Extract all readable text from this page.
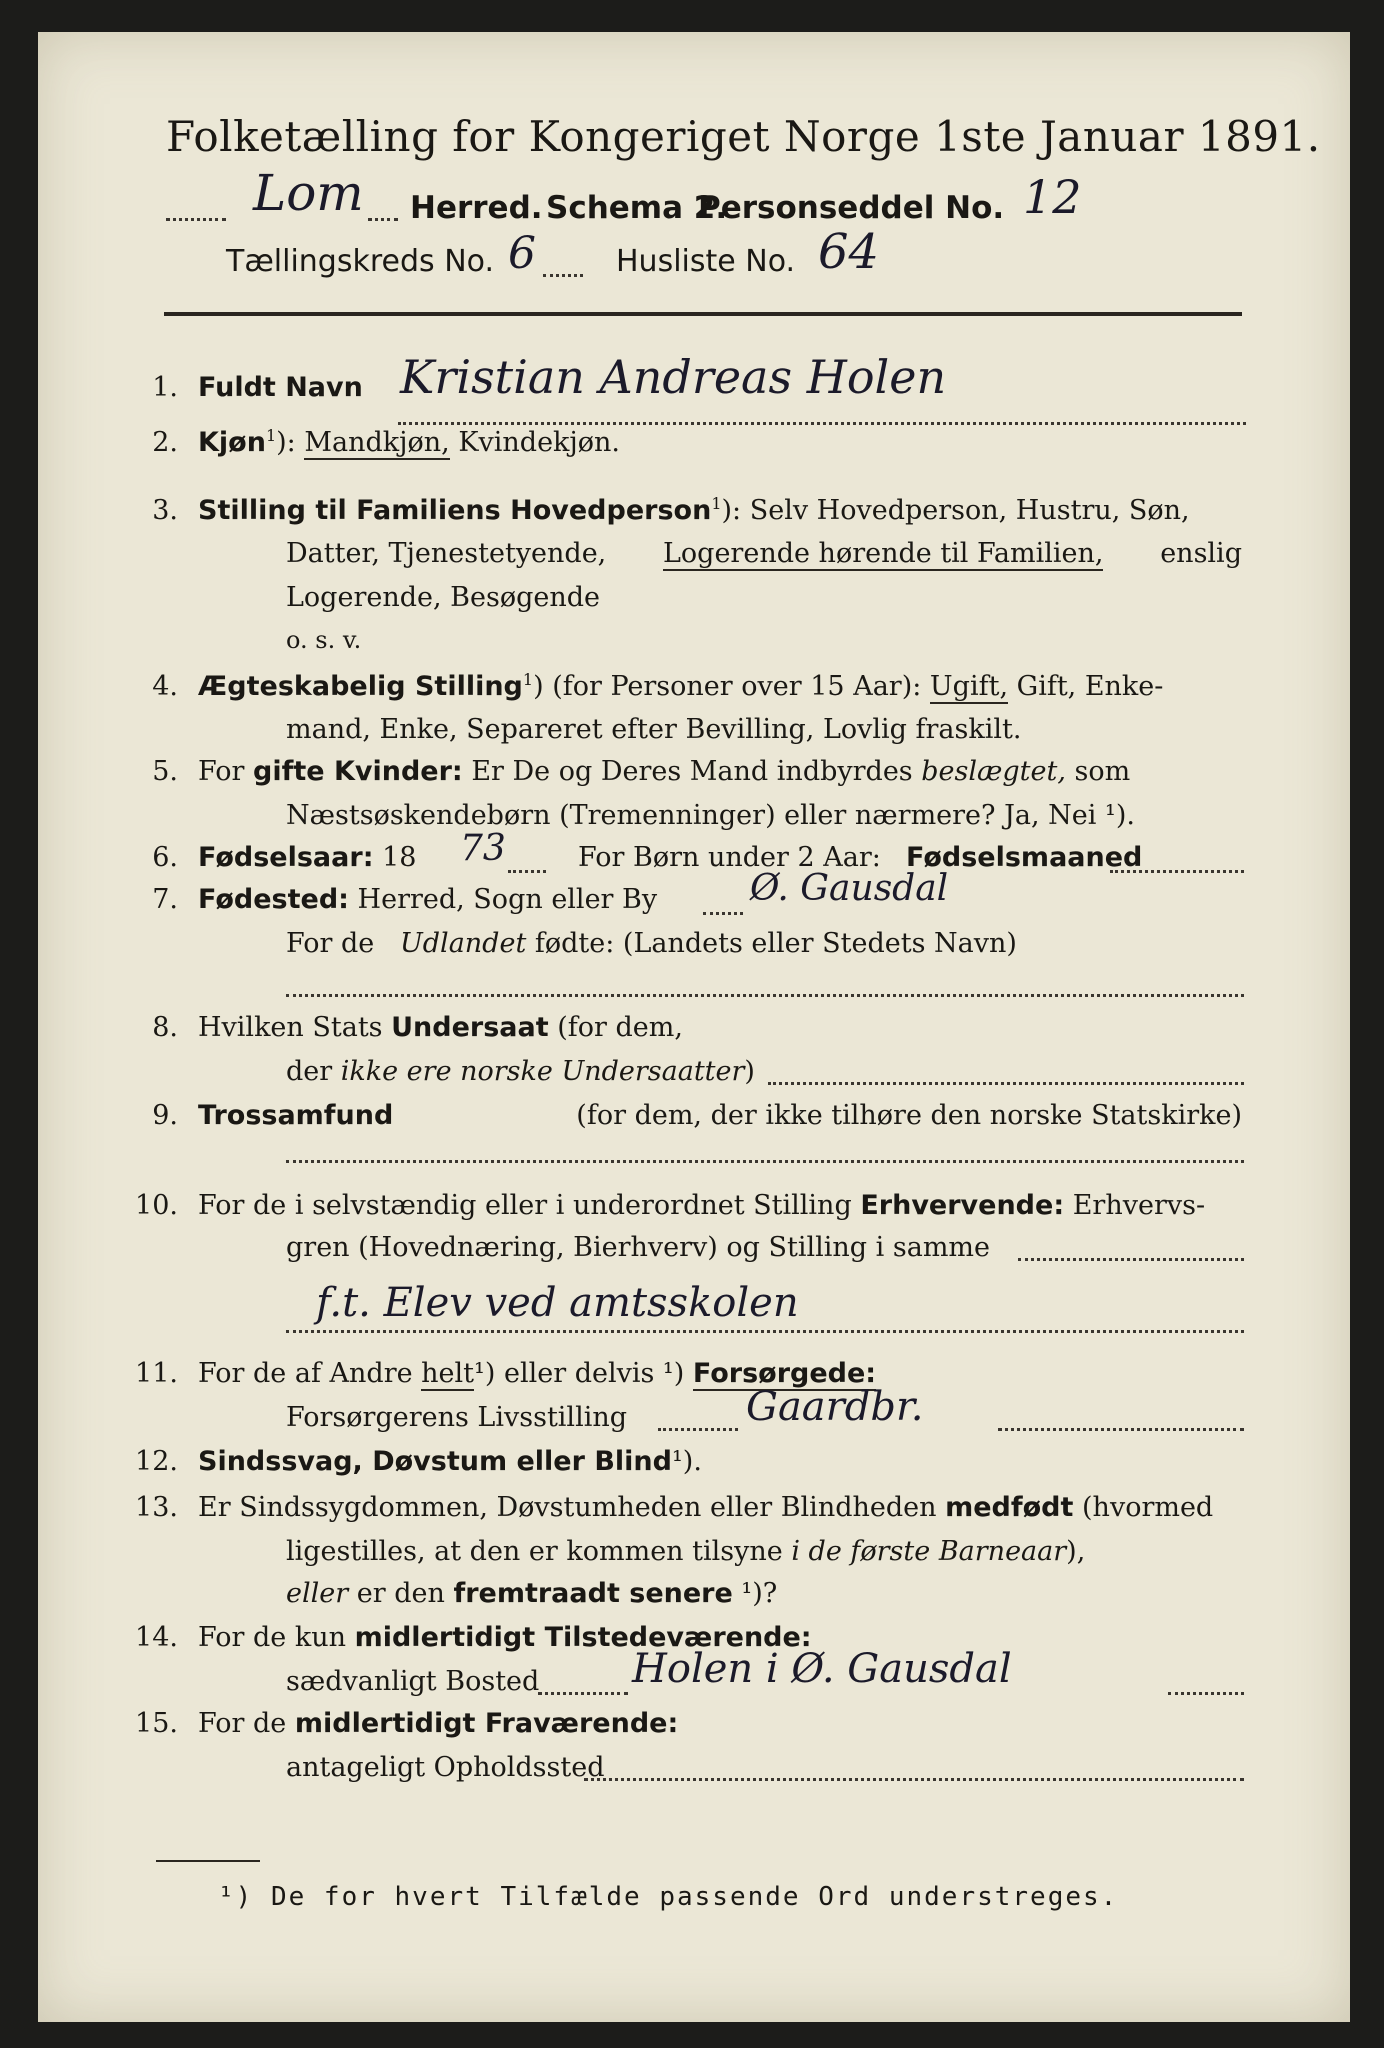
Folketælling for Kongeriget Norge 1ste Januar 1891.
Lom Herred. Schema 2.
Personseddel No. 12
Tællingskreds No. 6	Husliste No. 64
1. Fuldt Navn Kristian Andreas Holen
2. Kjøn$^1$): Mandkjøn, Kvindekjøn.
3. Stilling til Familiens Hovedperson$^1$): Selv Hovedperson, Hustru, Søn,
Datter, Tjenestetyende, Logerende hørende til Familien, enslig
Logerende, Besøgende
o. s. v.
4. Ægteskabelig Stilling$^1$) (for Personer over 15 Aar): Ugift, Gift, Enke-
mand, Enke, Separeret efter Bevilling, Lovlig fraskilt.
5. For gifte Kvinder: Er De og Deres Mand indbyrdes beslægtet, som
Næstsøskendebørn (Tremenninger) eller nærmere? Ja, Nei ¹).
6. Fødselsaar: 18 73	For Børn under 2 Aar: Fødselsmaaned
7. Fødested: Herred, Sogn eller By	Ø. Gausdal
For de Udlandet fødte: (Landets eller Stedets Navn)
8. Hvilken Stats Undersaat (for dem,
der ikke ere norske Undersaatter)
9. Trossamfund	(for dem, der ikke tilhøre den norske Statskirke)
10. For de i selvstændig eller i underordnet Stilling Erhvervende: Erhvervs-
gren (Hovednæring, Bierhverv) og Stilling i samme
f.t. Elev ved amtsskolen
11. For de af Andre helt¹) eller delvis ¹) Forsørgede:
Forsørgerens Livsstilling	Gaardbr.
12. Sindssvag, Døvstum eller Blind¹).
13. Er Sindssygdommen, Døvstumheden eller Blindheden medfødt (hvormed
ligestilles, at den er kommen tilsyne i de første Barneaar),
eller er den fremtraadt senere ¹)?
14. For de kun midlertidigt Tilstedeværende:
sædvanligt Bosted Holen i Ø. Gausdal
15. For de midlertidigt Fraværende:
antageligt Opholdssted
¹) De for hvert Tilfælde passende Ord understreges.
